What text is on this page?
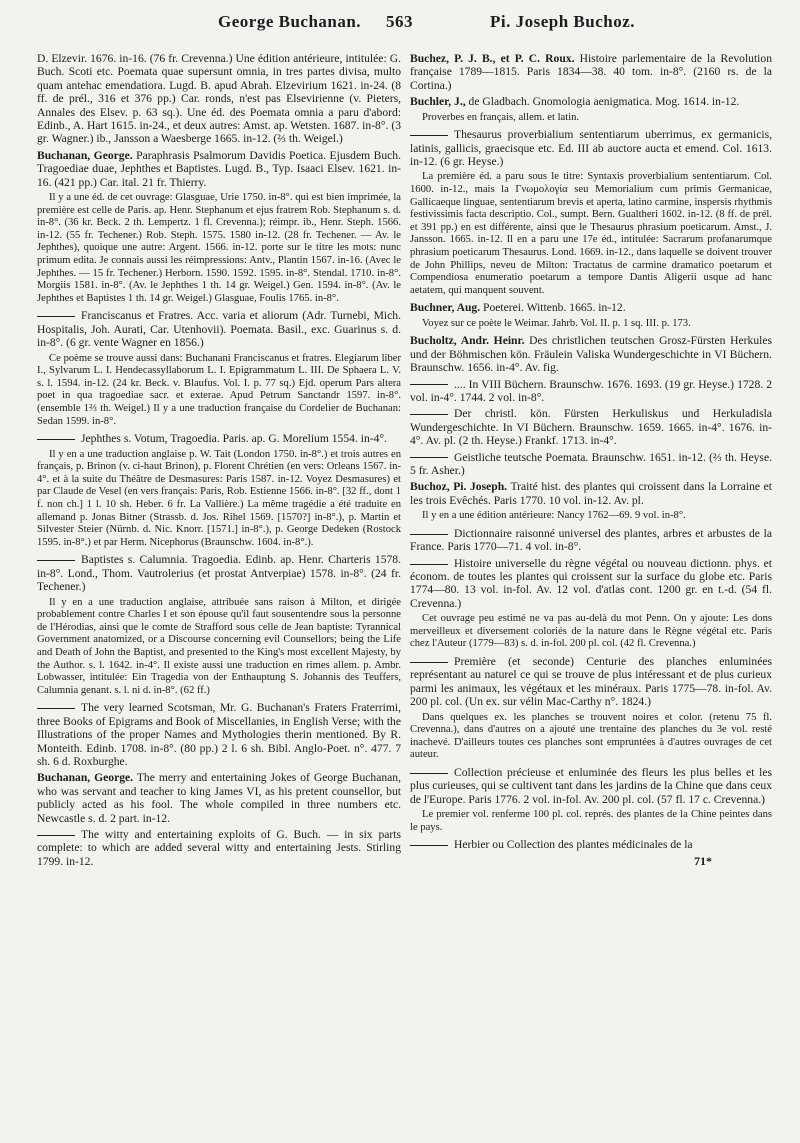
George Buchanan. 563	Pi. Joseph Buchoz.

D. Elzevir. 1676. in-16. (76 fr. Crevenna.) Une édition antérieure, intitulée: G. Buch. Scoti etc. Poemata quae supersunt omnia, in tres partes divisa, multo quam antehac emendatiora. Lugd. B. apud Abrah. Elzevirium 1621. in-24. (8 ff. de prél., 316 et 376 pp.) Car. ronds, n'est pas Elsevirienne (v. Pieters, Annales des Elsev. p. 63 sq.). Une éd. des Poemata omnia a paru d'abord: Edinb., A. Hart 1615. in-24., et deux autres: Amst. ap. Wetsten. 1687. in-8°. (3 gr. Wagner.) ib., Jansson a Waesberge 1665. in-12. (⅔ th. Weigel.)

Buchanan, George. Paraphrasis Psalmorum Davidis Poetica. Ejusdem Buch. Tragoediae duae, Jephthes et Baptistes. Lugd. B., Typ. Isaaci Elsev. 1621. in-16. (421 pp.) Car. ital. 21 fr. Thierry.

Il y a une éd. de cet ouvrage: Glasguae, Urie 1750. in-8°. qui est bien imprimée, la première est celle de Paris. ap. Henr. Stephanum et ejus fratrem Rob. Stephanum s. d. in-8°. (36 kr. Beck. 2 th. Lempertz. 1 fl. Crevenna.); réimpr. ib., Henr. Steph. 1566. in-12. (55 fr. Techener.) Rob. Steph. 1575. 1580 in-12. (28 fr. Techener. — Av. le Jephthes), quoique une autre: Argent. 1566. in-12. porte sur le titre les mots: nunc primum edita. Je connais aussi les réimpressions: Antv., Plantin 1567. in-16. (Avec le Jephthes. — 15 fr. Techener.) Herborn. 1590. 1592. 1595. in-8°. Stendal. 1710. in-8°. Morgiis 1581. in-8°. (Av. le Jephthes 1 th. 14 gr. Weigel.) Gen. 1594. in-8°. (Av. le Jephthes et Baptistes 1 th. 14 gr. Weigel.) Glasguae, Foulis 1765. in-8°.

Franciscanus et Fratres. Acc. varia et aliorum (Adr. Turnebi, Mich. Hospitalis, Joh. Aurati, Car. Utenhovii). Poemata. Basil., exc. Guarinus s. d. in-8°. (6 gr. vente Wagner en 1856.)

Ce poème se trouve aussi dans: Buchanani Franciscanus et fratres. Elegiarum liber I., Sylvarum L. I. Hendecassyllaborum L. I. Epigrammatum L. III. De Sphaera L. V. s. l. 1594. in-12. (24 kr. Beck. v. Blaufus. Vol. I. p. 77 sq.) Ejd. operum Pars altera poet in qua tragoediae sacr. et exterae. Apud Petrum Sanctandr 1597. in-8°. (ensemble 1⅔ th. Weigel.) Il y a une traduction française du Cordelier de Buchanan: Sedan 1599. in-8°.

Jephthes s. Votum, Tragoedia. Paris. ap. G. Morelium 1554. in-4°.

Il y en a une traduction anglaise p. W. Tait (London 1750. in-8°.) et trois autres en français, p. Brinon (v. ci-haut Brinon), p. Florent Chrétien (en vers: Orleans 1567. in-4°. et à la suite du Théâtre de Desmasures: Paris 1587. in-12. Voyez Desmasures) et par Claude de Vesel (en vers français: Paris, Rob. Estienne 1566. in-8°. [32 ff., dont 1 f. non ch.] 1 l. 10 sh. Heber. 6 fr. La Vallière.) La même tragédie a été traduite en allemand p. Jonas Bitner (Strassb. d. Jos. Rihel 1569. [1570?] in-8°.), p. Martin et Silvester Steier (Nürnb. d. Nic. Knorr. [1571.] in-8°.), p. George Dedeken (Rostock 1595. in-8°.) et par Herm. Nicephorus (Braunschw. 1604. in-8°.).

Baptistes s. Calumnia. Tragoedia. Edinb. ap. Henr. Charteris 1578. in-8°. Lond., Thom. Vautrolerius (et prostat Antverpiae) 1578. in-8°. (24 fr. Techener.)

Il y en a une traduction anglaise, attribuée sans raison à Milton, et dirigée probablement contre Charles I et son épouse qu'il faut sousentendre sous la personne de l'Hérodias, ainsi que le comte de Strafford sous celle de Jean baptiste: Tyrannical Government anatomized, or a Discourse concerning evil Counsellors; being the Life and Death of John the Baptist, and presented to the King's most excellent Majesty, by the Author. s. l. 1642. in-4°. Il existe aussi une traduction en rimes allem. p. Ambr. Lobwasser, intitulée: Ein Tragedia von der Enthauptung S. Johannis des Teuffers, Calumnia genant. s. l. ni d. in-8°. (62 ff.)

The very learned Scotsman, Mr. G. Buchanan's Fraters Fraterrimi, three Books of Epigrams and Book of Miscellanies, in English Verse; with the Illustrations of the proper Names and Mythologies therin mentioned. By R. Monteith. Edinb. 1708. in-8°. (80 pp.) 2 l. 6 sh. Bibl. Anglo-Poet. n°. 477. 7 sh. 6 d. Roxburghe.

Buchanan, George. The merry and entertaining Jokes of George Buchanan, who was servant and teacher to king James VI, as his pretent counsellor, but publicly acted as his fool. The whole compiled in three numbers etc. Newcastle s. d. 2 part. in-12.

The witty and entertaining exploits of G. Buch. — in six parts complete: to which are added several witty and entertaining Jests. Stirling 1799. in-12.

Buchez, P. J. B., et P. C. Roux. Histoire parlementaire de la Revolution française 1789—1815. Paris 1834—38. 40 tom. in-8°. (2160 rs. de la Cortina.)

Buchler, J., de Gladbach. Gnomologia aenigmatica. Mog. 1614. in-12.

Proverbes en français, allem. et latin.

Thesaurus proverbialium sententiarum uberrimus, ex germanicis, latinis, gallicis, graecisque etc. Ed. III ab auctore aucta et emend. Col. 1613. in-12. (6 gr. Heyse.)

La première éd. a paru sous le titre: Syntaxis proverbialium sententiarum. Col. 1600. in-12., mais la Γνωμολογία seu Memorialium cum primis Germanicae, Gallicaeque linguae, sententiarum brevis et aperta, latino carmine, inspersis rhythmis festivissimis facta descriptio. Col., sumpt. Bern. Gualtheri 1602. in-12. (8 ff. de prél. et 391 pp.) en est différente, ainsi que le Thesaurus phrasium poeticarum. Amst., J. Jansson. 1665. in-12. Il en a paru une 17e éd., intitulée: Sacrarum profanarumque phrasium poeticarum Thesaurus. Lond. 1669. in-12., dans laquelle se doivent trouver de John Phillips, neveu de Milton: Tractatus de carmine dramatico poetarum et Compendiosa enumeratio poetarum a tempore Dantis Aligerii usque ad hanc aetatem, qui manquent souvent.

Buchner, Aug. Poeterei. Wittenb. 1665. in-12.

Voyez sur ce poète le Weimar. Jahrb. Vol. II. p. 1 sq. III. p. 173.

Bucholtz, Andr. Heinr. Des christlichen teutschen Grosz-Fürsten Herkules und der Böhmischen kön. Fräulein Valiska Wundergeschichte in VI Büchern. Braunschw. 1656. in-4°. Av. fig.

.... In VIII Büchern. Braunschw. 1676. 1693. (19 gr. Heyse.) 1728. 2 vol. in-4°. 1744. 2 vol. in-8°.

Der christl. kön. Fürsten Herkuliskus und Herkuladisla Wundergeschichte. In VI Büchern. Braunschw. 1659. 1665. in-4°. 1676. in-4°. Av. pl. (2 th. Heyse.) Frankf. 1713. in-4°.

Geistliche teutsche Poemata. Braunschw. 1651. in-12. (⅔ th. Heyse. 5 fr. Asher.)

Buchoz, Pi. Joseph. Traité hist. des plantes qui croissent dans la Lorraine et les trois Evêchés. Paris 1770. 10 vol. in-12. Av. pl.

Il y en a une édition antérieure: Nancy 1762—69. 9 vol. in-8°.

Dictionnaire raisonné universel des plantes, arbres et arbustes de la France. Paris 1770—71. 4 vol. in-8°.

Histoire universelle du règne végétal ou nouveau dictionn. phys. et économ. de toutes les plantes qui croissent sur la surface du globe etc. Paris 1774—80. 13 vol. in-fol. Av. 12 vol. d'atlas cont. 1200 gr. en t.-d. (54 fl. Crevenna.)

Cet ouvrage peu estimé ne va pas au-delà du mot Penn. On y ajoute: Les dons merveilleux et diversement coloriés de la nature dans le Règne végétal etc. Paris chez l'Auteur (1779—83) s. d. in-fol. 200 pl. col. (42 fl. Crevenna.)

Première (et seconde) Centurie des planches enluminées représentant au naturel ce qui se trouve de plus intéressant et de plus curieux parmi les animaux, les végétaux et les minéraux. Paris 1775—78. in-fol. Av. 200 pl. col. (Un ex. sur vélin Mac-Carthy n°. 1824.)

Dans quelques ex. les planches se trouvent noires et color. (retenu 75 fl. Crevenna.), dans d'autres on a ajouté une trentaine des planches du 3e vol. resté inachevé. D'ailleurs toutes ces planches sont empruntées à d'autres ouvrages de cet auteur.

Collection précieuse et enluminée des fleurs les plus belles et les plus curieuses, qui se cultivent tant dans les jardins de la Chine que dans ceux de l'Europe. Paris 1776. 2 vol. in-fol. Av. 200 pl. col. (57 fl. 17 c. Crevenna.)

Le premier vol. renferme 100 pl. col. représ. des plantes de la Chine peintes dans le pays.

Herbier ou Collection des plantes médicinales de la

71*
